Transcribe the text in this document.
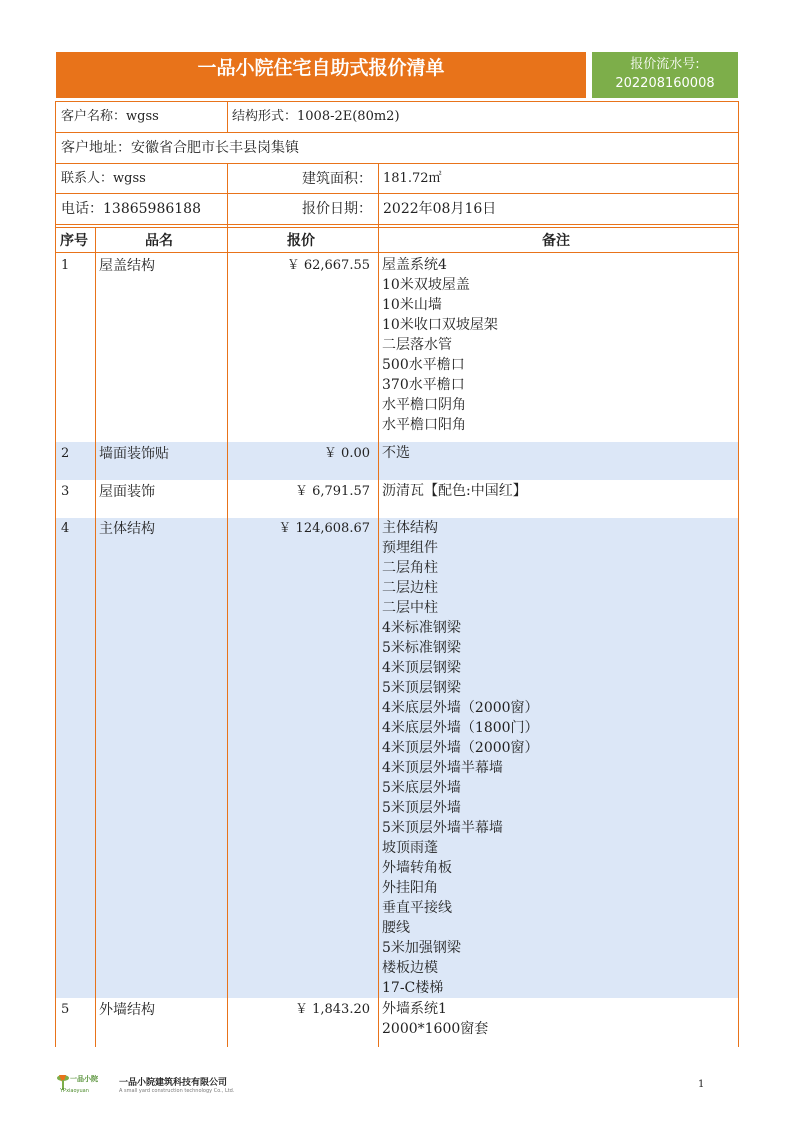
一品小院住宅自助式报价清单	报价流水号:
202208160008
客户名称：wgss	结构形式：1008-2E(80m2)
客户地址：安徽省合肥市长丰县岗集镇
联系人：wgss	建筑面积： 181.72㎡
电话：13865986188	报价日期： 2022年08月16日
序号	品名	报价	备注
1 屋盖结构	￥ 62,667.55 屋盖系统4
10米双坡屋盖
10米山墙
10米收口双坡屋架
二层落水管
500水平檐口
370水平檐口
水平檐口阴角
水平檐口阳角
2 墙面装饰贴	￥ 0.00 不选
3 屋面装饰	￥ 6,791.57 沥清瓦【配色:中国红】
4 主体结构	￥ 124,608.67 主体结构
预埋组件
二层角柱
二层边柱
二层中柱
4米标准钢梁
5米标准钢梁
4米顶层钢梁
5米顶层钢梁
4米底层外墙（2000窗）
4米底层外墙（1800门）
4米顶层外墙（2000窗）
4米顶层外墙半幕墙
5米底层外墙
5米顶层外墙
5米顶层外墙半幕墙
坡顶雨蓬
外墙转角板
外挂阳角
垂直平接线
腰线
5米加强钢梁
楼板边模
17-C楼梯
5 外墙结构	￥ 1,843.20 外墙系统1
2000*1600窗套
一品小院
YPxiaoyuan
一品小院建筑科技有限公司
A small yard construction technology Co., Ltd.
1
